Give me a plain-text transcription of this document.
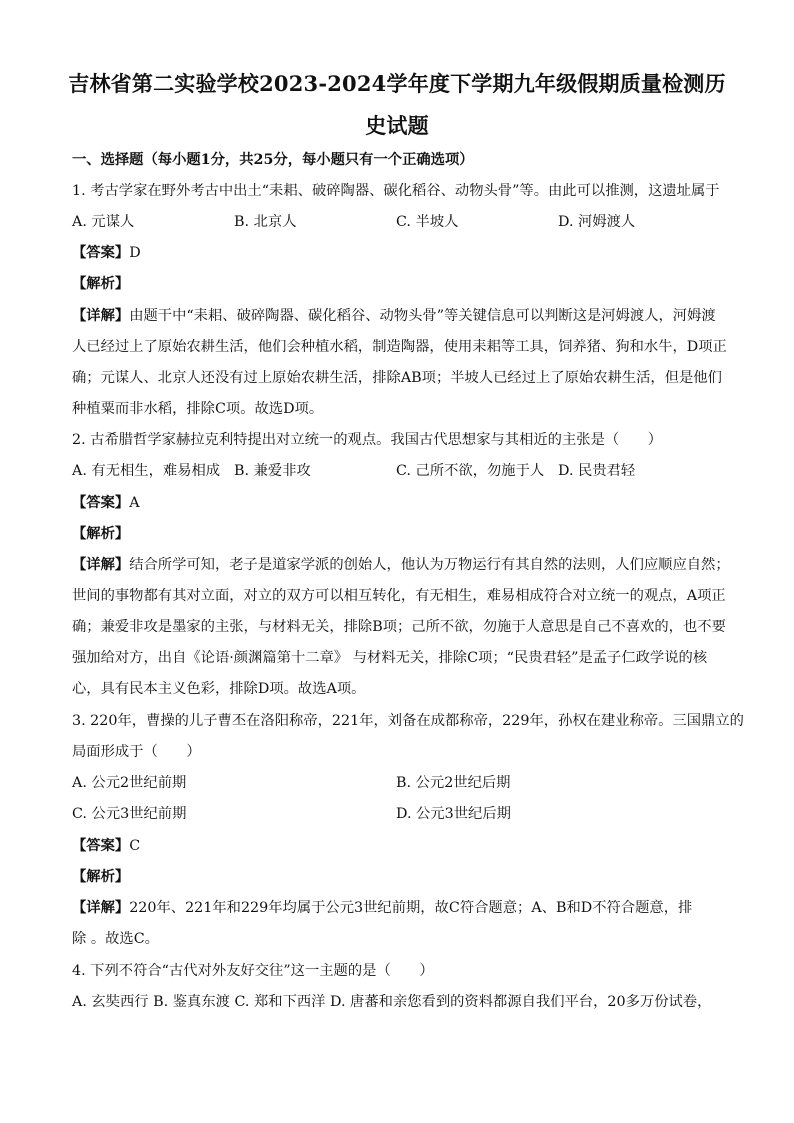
吉林省第二实验学校2023-2024学年度下学期九年级假期质量检测历
史试题
一、选择题（每小题1分，共25分，每小题只有一个正确选项）
1. 考古学家在野外考古中出土“耒耜、破碎陶器、碳化稻谷、动物头骨”等。由此可以推测，这遗址属于
A. 元谋人	B. 北京人	C. 半坡人	D. 河姆渡人
【答案】D
【解析】
【详解】由题干中“耒耜、破碎陶器、碳化稻谷、动物头骨”等关键信息可以判断这是河姆渡人，河姆渡
人已经过上了原始农耕生活，他们会种植水稻，制造陶器，使用耒耜等工具，饲养猪、狗和水牛，D项正
确；元谋人、北京人还没有过上原始农耕生活，排除AB项；半坡人已经过上了原始农耕生活，但是他们
种植粟而非水稻，排除C项。故选D项。
2. 古希腊哲学家赫拉克利特提出对立统一的观点。我国古代思想家与其相近的主张是（　　）
A. 有无相生，难易相成 B. 兼爱非攻	C. 己所不欲，勿施于人 D. 民贵君轻
【答案】A
【解析】
【详解】结合所学可知，老子是道家学派的创始人，他认为万物运行有其自然的法则，人们应顺应自然；
世间的事物都有其对立面，对立的双方可以相互转化，有无相生，难易相成符合对立统一的观点，A项正
确；兼爱非攻是墨家的主张，与材料无关，排除B项；己所不欲，勿施于人意思是自己不喜欢的，也不要
强加给对方，出自《论语·颜渊篇第十二章》 与材料无关，排除C项；“民贵君轻”是孟子仁政学说的核
心，具有民本主义色彩，排除D项。故选A项。
3. 220年，曹操的儿子曹丕在洛阳称帝，221年，刘备在成都称帝，229年，孙权在建业称帝。三国鼎立的
局面形成于（　　）
A. 公元2世纪前期	B. 公元2世纪后期
C. 公元3世纪前期	D. 公元3世纪后期
【答案】C
【解析】
【详解】220年、221年和229年均属于公元3世纪前期，故C符合题意；A、B和D不符合题意，排
除 。故选C。
4. 下列不符合“古代对外友好交往”这一主题的是（　　）
A. 玄奘西行 B. 鉴真东渡 C. 郑和下西洋 D. 唐蕃和亲您看到的资料都源自我们平台，20多万份试卷，
